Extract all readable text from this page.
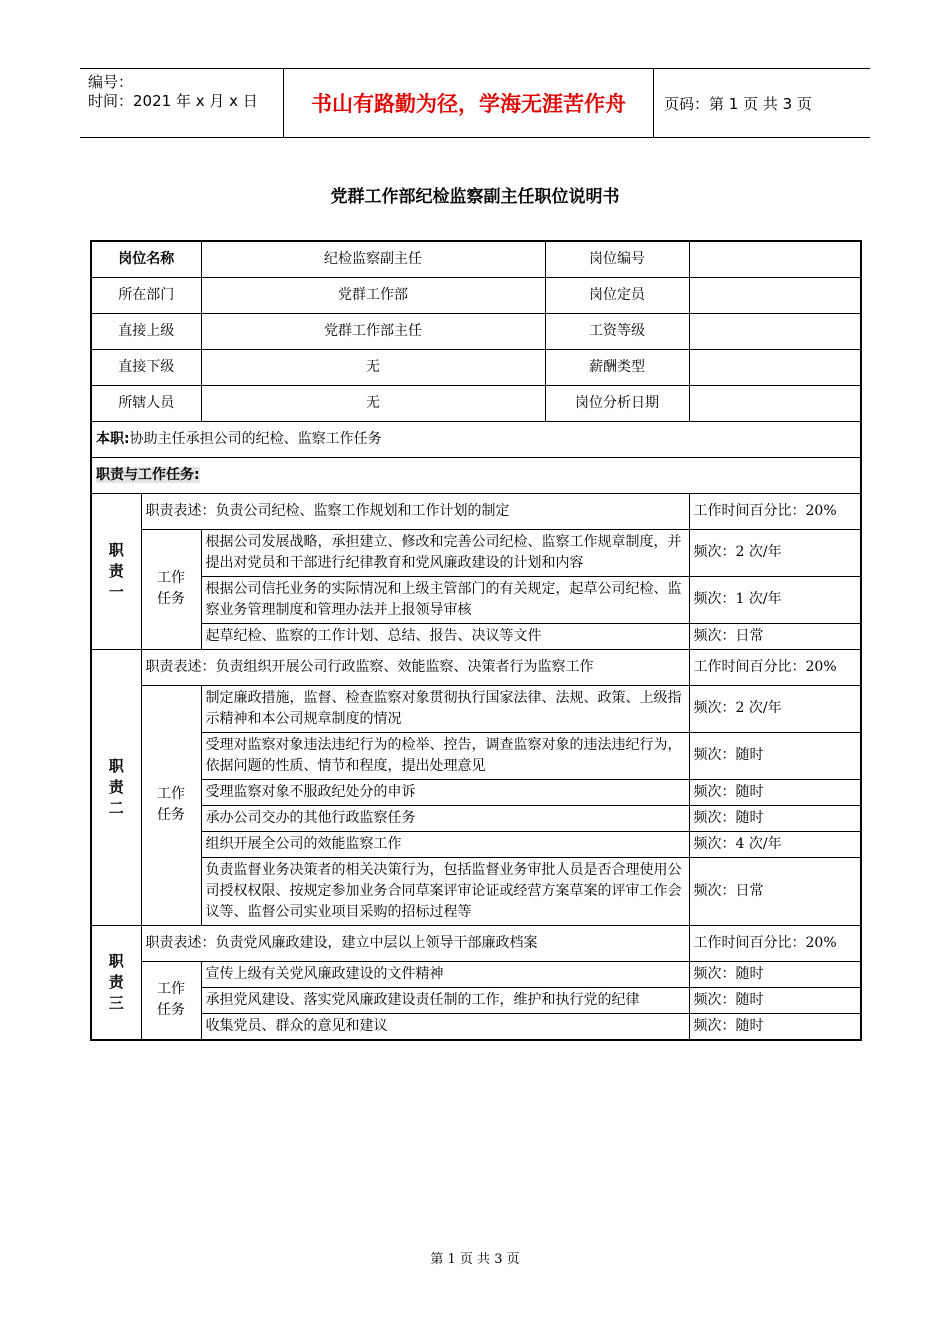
编号：
时间：2021 年 x 月 x 日	书山有路勤为径，学海无涯苦作舟	页码：第 1 页 共 3 页
党群工作部纪检监察副主任职位说明书
岗位名称		纪检监察副主任	岗位编号	
所在部门		党群工作部	岗位定员	
直接上级		党群工作部主任	工资等级	
直接下级		无	薪酬类型	
所辖人员		无	岗位分析日期	
本职:协助主任承担公司的纪检、监察工作任务				
职责与工作任务:				

职
责
一	职责表述：负责公司纪检、监察工作规划和工作计划的制定			工作时间百分比：20%
	工作任务	根据公司发展战略，承担建立、修改和完善公司纪检、监察工作规章制度，并提出对党员和干部进行纪律教育和党风廉政建设的计划和内容		频次：2 次/年
		根据公司信托业务的实际情况和上级主管部门的有关规定，起草公司纪检、监察业务管理制度和管理办法并上报领导审核		频次：1 次/年
		起草纪检、监察的工作计划、总结、报告、决议等文件		频次：日常

职
责
二	职责表述：负责组织开展公司行政监察、效能监察、决策者行为监察工作			工作时间百分比：20%
	工作任务	制定廉政措施，监督、检查监察对象贯彻执行国家法律、法规、政策、上级指示精神和本公司规章制度的情况		频次：2 次/年
		受理对监察对象违法违纪行为的检举、控告，调查监察对象的违法违纪行为，依据问题的性质、情节和程度，提出处理意见		频次：随时
		受理监察对象不服政纪处分的申诉		频次：随时
		承办公司交办的其他行政监察任务		频次：随时
		组织开展全公司的效能监察工作		频次：4 次/年
		负责监督业务决策者的相关决策行为，包括监督业务审批人员是否合理使用公司授权权限、按规定参加业务合同草案评审论证或经营方案草案的评审工作会议等、监督公司实业项目采购的招标过程等		频次：日常

职
责
三	职责表述：负责党风廉政建设，建立中层以上领导干部廉政档案			工作时间百分比：20%
	工作任务	宣传上级有关党风廉政建设的文件精神		频次：随时
		承担党风建设、落实党风廉政建设责任制的工作，维护和执行党的纪律		频次：随时
		收集党员、群众的意见和建议		频次：随时
第 1 页 共 3 页
